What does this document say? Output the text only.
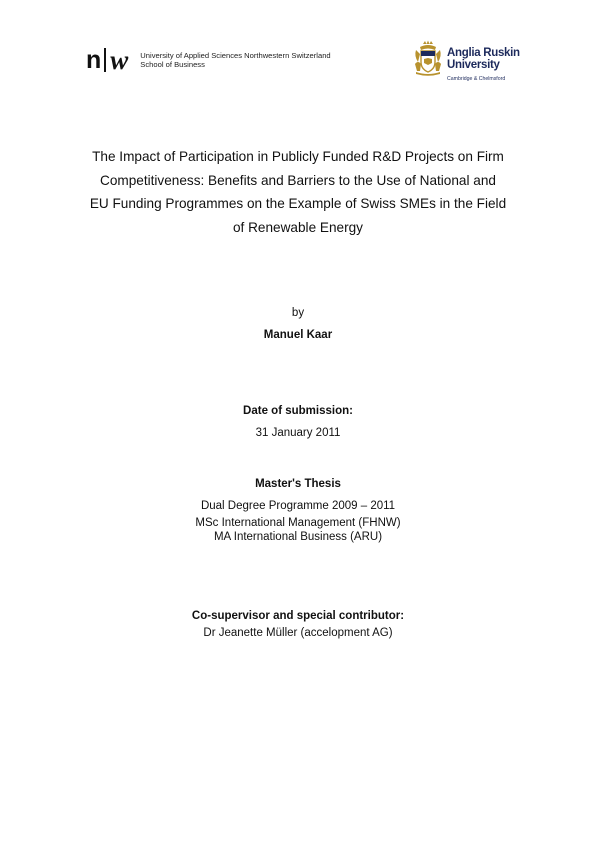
n w University of Applied Sciences Northwestern Switzerland
School of Business
Anglia Ruskin
University
Cambridge & Chelmsford
The Impact of Participation in Publicly Funded R&D Projects on Firm
Competitiveness: Benefits and Barriers to the Use of National and
EU Funding Programmes on the Example of Swiss SMEs in the Field
of Renewable Energy
by
Manuel Kaar
Date of submission:
31 January 2011
Master's Thesis
Dual Degree Programme 2009 – 2011
MSc International Management (FHNW)
MA International Business (ARU)
Co-supervisor and special contributor:
Dr Jeanette Müller (accelopment AG)
